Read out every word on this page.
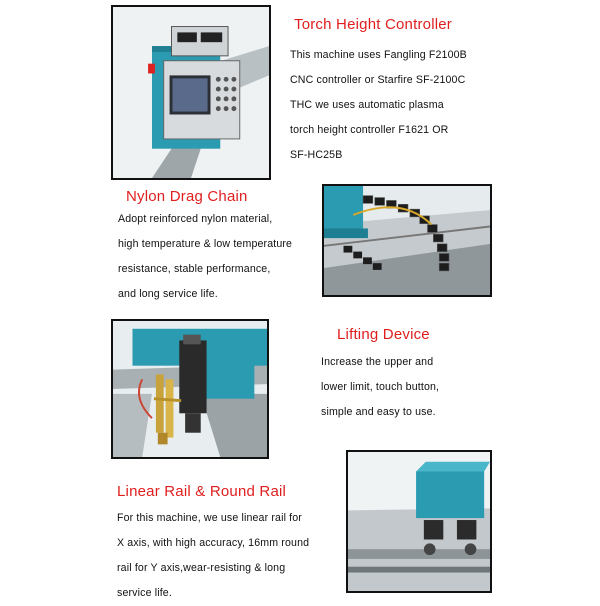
Torch Height Controller
This machine uses Fangling F2100B
CNC controller or Starfire SF-2100C
THC we uses automatic plasma
torch height controller F1621 OR
SF-HC25B
Nylon Drag Chain
Adopt reinforced nylon material,
high temperature & low temperature
resistance, stable performance,
and long service life.
Lifting Device
Increase the upper and
lower limit, touch button,
simple and easy to use.
Linear Rail & Round Rail
For this machine, we use linear rail for
X axis, with high accuracy, 16mm round
rail for Y axis,wear-resisting & long
service life.
